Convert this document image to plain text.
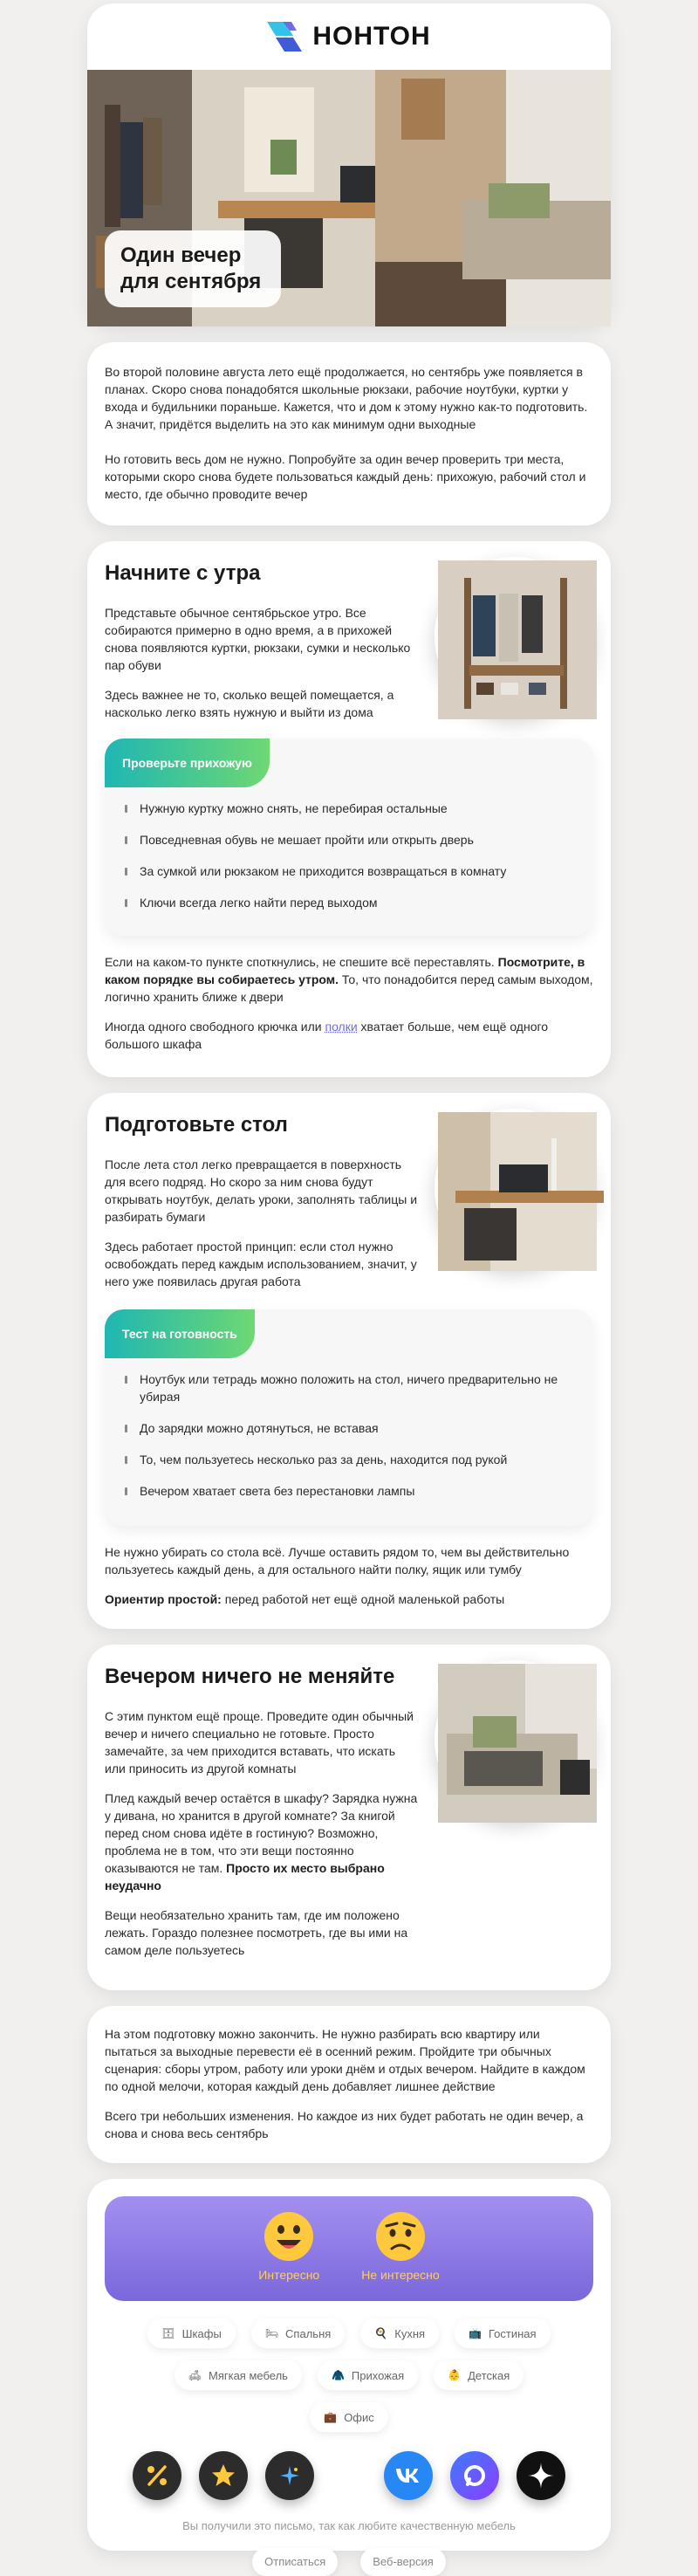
НОНТОН
Один вечер для сентября

Во второй половине августа лето ещё продолжается, но сентябрь уже появляется в планах. Скоро снова понадобятся школьные рюкзаки, рабочие ноутбуки, куртки у входа и будильники пораньше. Кажется, что и дом к этому нужно как-то подготовить. А значит, придётся выделить на это как минимум одни выходные

Но готовить весь дом не нужно. Попробуйте за один вечер проверить три места, которыми скоро снова будете пользоваться каждый день: прихожую, рабочий стол и место, где обычно проводите вечер

Начните с утра

Представьте обычное сентябрьское утро. Все собираются примерно в одно время, а в прихожей снова появляются куртки, рюкзаки, сумки и несколько пар обуви

Здесь важнее не то, сколько вещей помещается, а насколько легко взять нужную и выйти из дома

Проверьте прихожую
Нужную куртку можно снять, не перебирая остальные
Повседневная обувь не мешает пройти или открыть дверь
За сумкой или рюкзаком не приходится возвращаться в комнату
Ключи всегда легко найти перед выходом

Если на каком-то пункте споткнулись, не спешите всё переставлять. Посмотрите, в каком порядке вы собираетесь утром. То, что понадобится перед самым выходом, логично хранить ближе к двери

Иногда одного свободного крючка или полки хватает больше, чем ещё одного большого шкафа

Подготовьте стол

После лета стол легко превращается в поверхность для всего подряд. Но скоро за ним снова будут открывать ноутбук, делать уроки, заполнять таблицы и разбирать бумаги

Здесь работает простой принцип: если стол нужно освобождать перед каждым использованием, значит, у него уже появилась другая работа

Тест на готовность
Ноутбук или тетрадь можно положить на стол, ничего предварительно не убирая
До зарядки можно дотянуться, не вставая
То, чем пользуетесь несколько раз за день, находится под рукой
Вечером хватает света без перестановки лампы

Не нужно убирать со стола всё. Лучше оставить рядом то, чем вы действительно пользуетесь каждый день, а для остального найти полку, ящик или тумбу

Ориентир простой: перед работой нет ещё одной маленькой работы

Вечером ничего не меняйте

С этим пунктом ещё проще. Проведите один обычный вечер и ничего специально не готовьте. Просто замечайте, за чем приходится вставать, что искать или приносить из другой комнаты

Плед каждый вечер остаётся в шкафу? Зарядка нужна у дивана, но хранится в другой комнате? За книгой перед сном снова идёте в гостиную? Возможно, проблема не в том, что эти вещи постоянно оказываются не там. Просто их место выбрано неудачно

Вещи необязательно хранить там, где им положено лежать. Гораздо полезнее посмотреть, где вы ими на самом деле пользуетесь

На этом подготовку можно закончить. Не нужно разбирать всю квартиру или пытаться за выходные перевести её в осенний режим. Пройдите три обычных сценария: сборы утром, работу или уроки днём и отдых вечером. Найдите в каждом по одной мелочи, которая каждый день добавляет лишнее действие

Всего три небольших изменения. Но каждое из них будет работать не один вечер, а снова и снова весь сентябрь

Интересно	Не интересно
🗄 Шкафы	🛏 Спальня	🍳 Кухня	📺 Гостиная
🛋 Мягкая мебель	🧥 Прихожая	👶 Детская
💼 Офис

Вы получили это письмо, так как любите качественную мебель

Отписаться	Веб-версия
